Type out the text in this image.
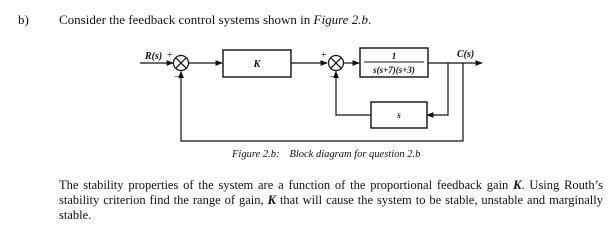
b) Consider the feedback control systems shown in Figure 2.b.
R(s) +
−
K
+
−
1
s(s+7)(s+3)
C(s)
s
Figure 2.b: Block diagram for question 2.b

The stability properties of the system are a function of the proportional feedback gain K. Using Routh’s stability criterion find the range of gain, K that will cause the system to be stable, unstable and marginally stable.
